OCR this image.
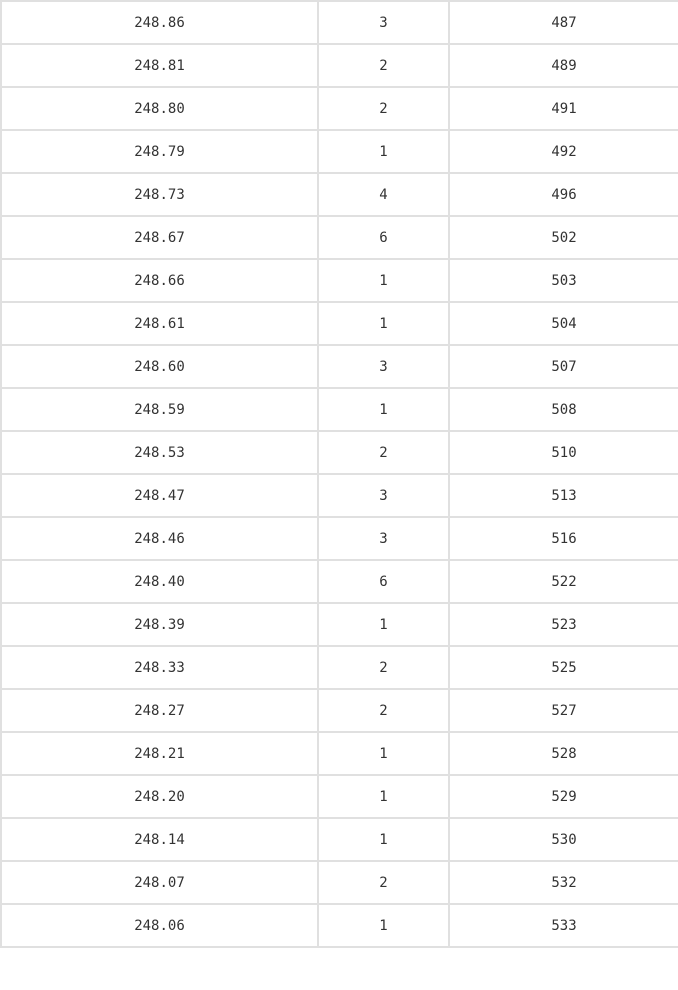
248.86	3	487
248.81	2	489
248.80	2	491
248.79	1	492
248.73	4	496
248.67	6	502
248.66	1	503
248.61	1	504
248.60	3	507
248.59	1	508
248.53	2	510
248.47	3	513
248.46	3	516
248.40	6	522
248.39	1	523
248.33	2	525
248.27	2	527
248.21	1	528
248.20	1	529
248.14	1	530
248.07	2	532
248.06	1	533
